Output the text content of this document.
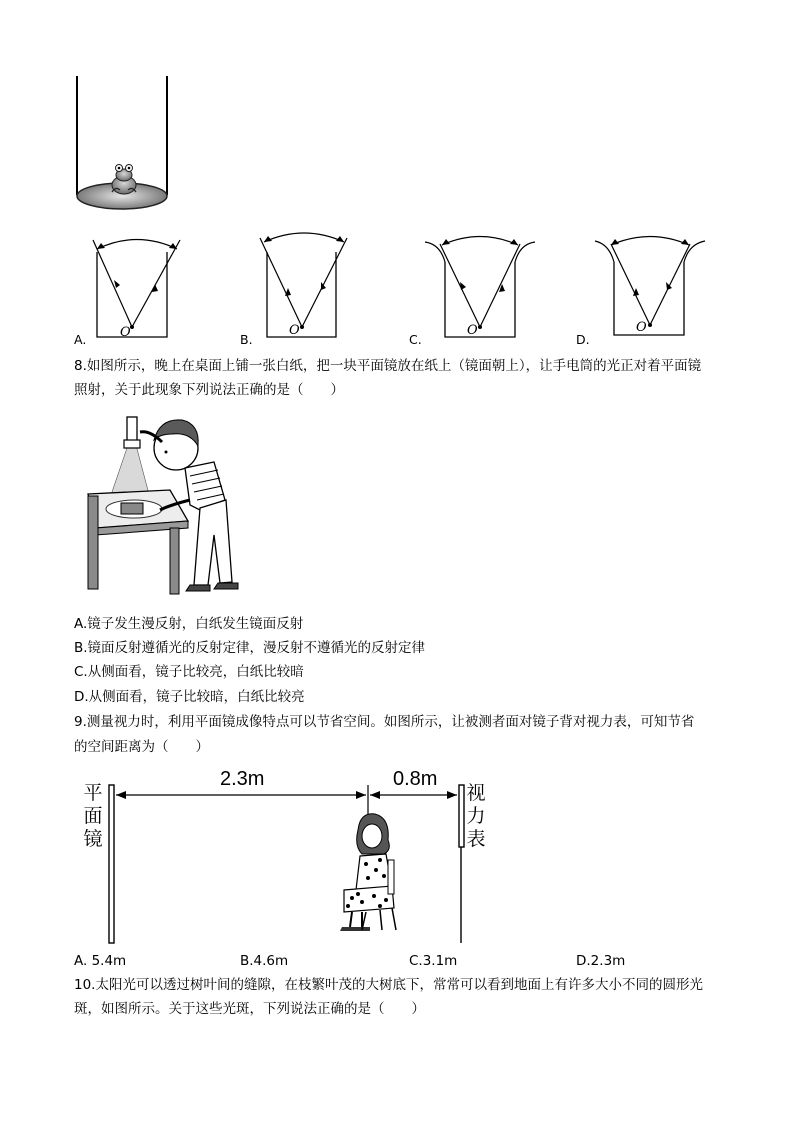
A.	O	B.
O
C.
O
D.
O
8.如图所示，晚上在桌面上铺一张白纸，把一块平面镜放在纸上（镜面朝上），让手电筒的光正对着平面镜
照射，关于此现象下列说法正确的是（　　）
A.镜子发生漫反射，白纸发生镜面反射
B.镜面反射遵循光的反射定律，漫反射不遵循光的反射定律
C.从侧面看，镜子比较亮，白纸比较暗
D.从侧面看，镜子比较暗，白纸比较亮
9.测量视力时，利用平面镜成像特点可以节省空间。如图所示，让被测者面对镜子背对视力表，可知节省
的空间距离为（　　）
2.3m	0.8m
平面镜
视力表
A. 5.4m	B.4.6m	C.3.1m	D.2.3m
10.太阳光可以透过树叶间的缝隙，在枝繁叶茂的大树底下，常常可以看到地面上有许多大小不同的圆形光
斑，如图所示。关于这些光斑，下列说法正确的是（　　）
